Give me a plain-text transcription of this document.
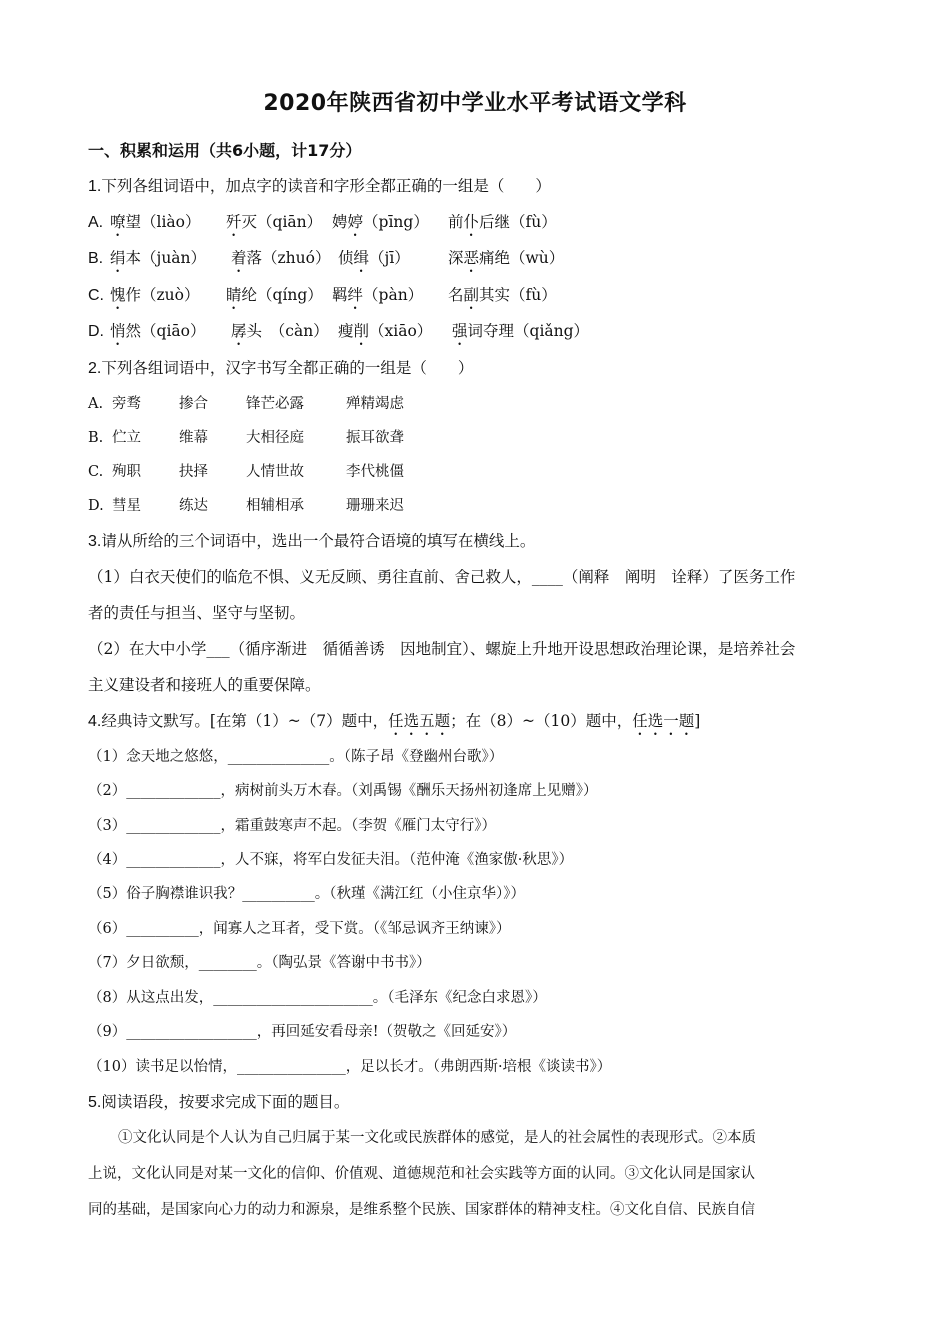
2020年陕西省初中学业水平考试语文学科
一、积累和运用（共6小题，计17分）
1.下列各组词语中，加点字的读音和字形全都正确的一组是（　　）
A. 嘹望（liào） 歼灭（qiān） 娉婷（pīng） 前仆后继（fù）
B. 绢本（juàn） 着落（zhuó） 侦缉（jī） 深恶痛绝（wù）
C. 愧作（zuò） 睛纶（qíng） 羁绊（pàn） 名副其实（fù）
D. 悄然（qiāo） 孱头　（càn） 瘦削（xiāo） 强词夺理（qiǎng）
2.下列各组词语中，汉字书写全都正确的一组是（　　）
A. 旁骛	掺合	锋芒必露	殚精竭虑
B. 伫立	维幕	大相径庭	振耳欲聋
C. 殉职	抉择	人情世故	李代桃僵
D. 彗星	练达	相辅相承	珊珊来迟
3.请从所给的三个词语中，选出一个最符合语境的填写在横线上。
（1）白衣天使们的临危不惧、义无反顾、勇往直前、舍己救人，____（阐释　阐明　诠释）了医务工作
者的责任与担当、坚守与坚韧。
（2）在大中小学___（循序渐进　循循善诱　因地制宜）、螺旋上升地开设思想政治理论课，是培养社会
主义建设者和接班人的重要保障。
4.经典诗文默写。[在第（1）~（7）题中，任选五题；在（8）~（10）题中，任选一题]
（1）念天地之悠悠，______________。（陈子昂《登幽州台歌》）
（2）_____________，病树前头万木春。（刘禹锡《酬乐天扬州初逢席上见赠》）
（3）_____________，霜重鼓寒声不起。（李贺《雁门太守行》）
（4）_____________，人不寐，将军白发征夫泪。（范仲淹《渔家傲·秋思》）
（5）俗子胸襟谁识我？__________。（秋瑾《满江红（小住京华）》）
（6）__________，闻寡人之耳者，受下赏。（《邹忌讽齐王纳谏》）
（7）夕日欲颓，________。（陶弘景《答谢中书书》）
（8）从这点出发，______________________。（毛泽东《纪念白求恩》）
（9）__________________，再回延安看母亲!（贺敬之《回延安》）
（10）读书足以怡情，_______________，足以长才。（弗朗西斯·培根《谈读书》）
5.阅读语段，按要求完成下面的题目。
①文化认同是个人认为自己归属于某一文化或民族群体的感觉，是人的社会属性的表现形式。②本质
上说，文化认同是对某一文化的信仰、价值观、道德规范和社会实践等方面的认同。③文化认同是国家认
同的基础，是国家向心力的动力和源泉，是维系整个民族、国家群体的精神支柱。④文化自信、民族自信
